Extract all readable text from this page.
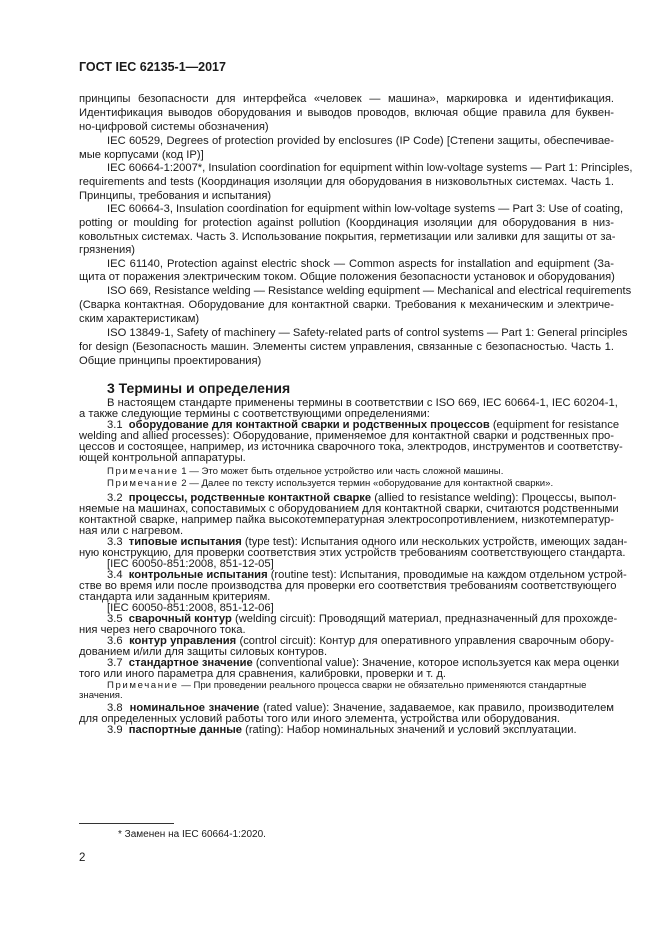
ГОСТ IEC 62135-1—2017
принципы безопасности для интерфейса «человек — машина», маркировка и идентификация.
Идентификация выводов оборудования и выводов проводов, включая общие правила для буквен-
но-цифровой системы обозначения)
IEC 60529, Degrees of protection provided by enclosures (IP Code) [Степени защиты, обеспечивае-
мые корпусами (код IP)]
IEC 60664-1:2007*, Insulation coordination for equipment within low-voltage systems — Part 1: Principles,
requirements and tests (Координация изоляции для оборудования в низковольтных системах. Часть 1.
Принципы, требования и испытания)
IEC 60664-3, Insulation coordination for equipment within low-voltage systems — Part 3: Use of coating,
potting or moulding for protection against pollution (Координация изоляции для оборудования в низ-
ковольтных системах. Часть 3. Использование покрытия, герметизации или заливки для защиты от за-
грязнения)
IEC 61140, Protection against electric shock — Common aspects for installation and equipment (За-
щита от поражения электрическим током. Общие положения безопасности установок и оборудования)
ISO 669, Resistance welding — Resistance welding equipment — Mechanical and electrical requirements
(Сварка контактная. Оборудование для контактной сварки. Требования к механическим и электриче-
ским характеристикам)
ISO 13849-1, Safety of machinery — Safety-related parts of control systems — Part 1: General principles
for design (Безопасность машин. Элементы систем управления, связанные с безопасностью. Часть 1.
Общие принципы проектирования)
3 Термины и определения
В настоящем стандарте применены термины в соответствии с ISO 669, IEC 60664-1, IEC 60204-1,
а также следующие термины с соответствующими определениями:
3.1 оборудование для контактной сварки и родственных процессов (equipment for resistance
welding and allied processes): Оборудование, применяемое для контактной сварки и родственных про-
цессов и состоящее, например, из источника сварочного тока, электродов, инструментов и соответству-
ющей контрольной аппаратуры.
Примечание 1 — Это может быть отдельное устройство или часть сложной машины.
Примечание 2 — Далее по тексту используется термин «оборудование для контактной сварки».
3.2 процессы, родственные контактной сварке (allied to resistance welding): Процессы, выпол-
няемые на машинах, сопоставимых с оборудованием для контактной сварки, считаются родственными
контактной сварке, например пайка высокотемпературная электросопротивлением, низкотемператур-
ная или с нагревом.
3.3 типовые испытания (type test): Испытания одного или нескольких устройств, имеющих задан-
ную конструкцию, для проверки соответствия этих устройств требованиям соответствующего стандарта.
[IEC 60050-851:2008, 851-12-05]
3.4 контрольные испытания (routine test): Испытания, проводимые на каждом отдельном устрой-
стве во время или после производства для проверки его соответствия требованиям соответствующего
стандарта или заданным критериям.
[IEC 60050-851:2008, 851-12-06]
3.5 сварочный контур (welding circuit): Проводящий материал, предназначенный для прохожде-
ния через него сварочного тока.
3.6 контур управления (control circuit): Контур для оперативного управления сварочным обору-
дованием и/или для защиты силовых контуров.
3.7 стандартное значение (conventional value): Значение, которое используется как мера оценки
того или иного параметра для сравнения, калибровки, проверки и т. д.
Примечание — При проведении реального процесса сварки не обязательно применяются стандартные
значения.
3.8 номинальное значение (rated value): Значение, задаваемое, как правило, производителем
для определенных условий работы того или иного элемента, устройства или оборудования.
3.9 паспортные данные (rating): Набор номинальных значений и условий эксплуатации.
* Заменен на IEC 60664-1:2020.
2
